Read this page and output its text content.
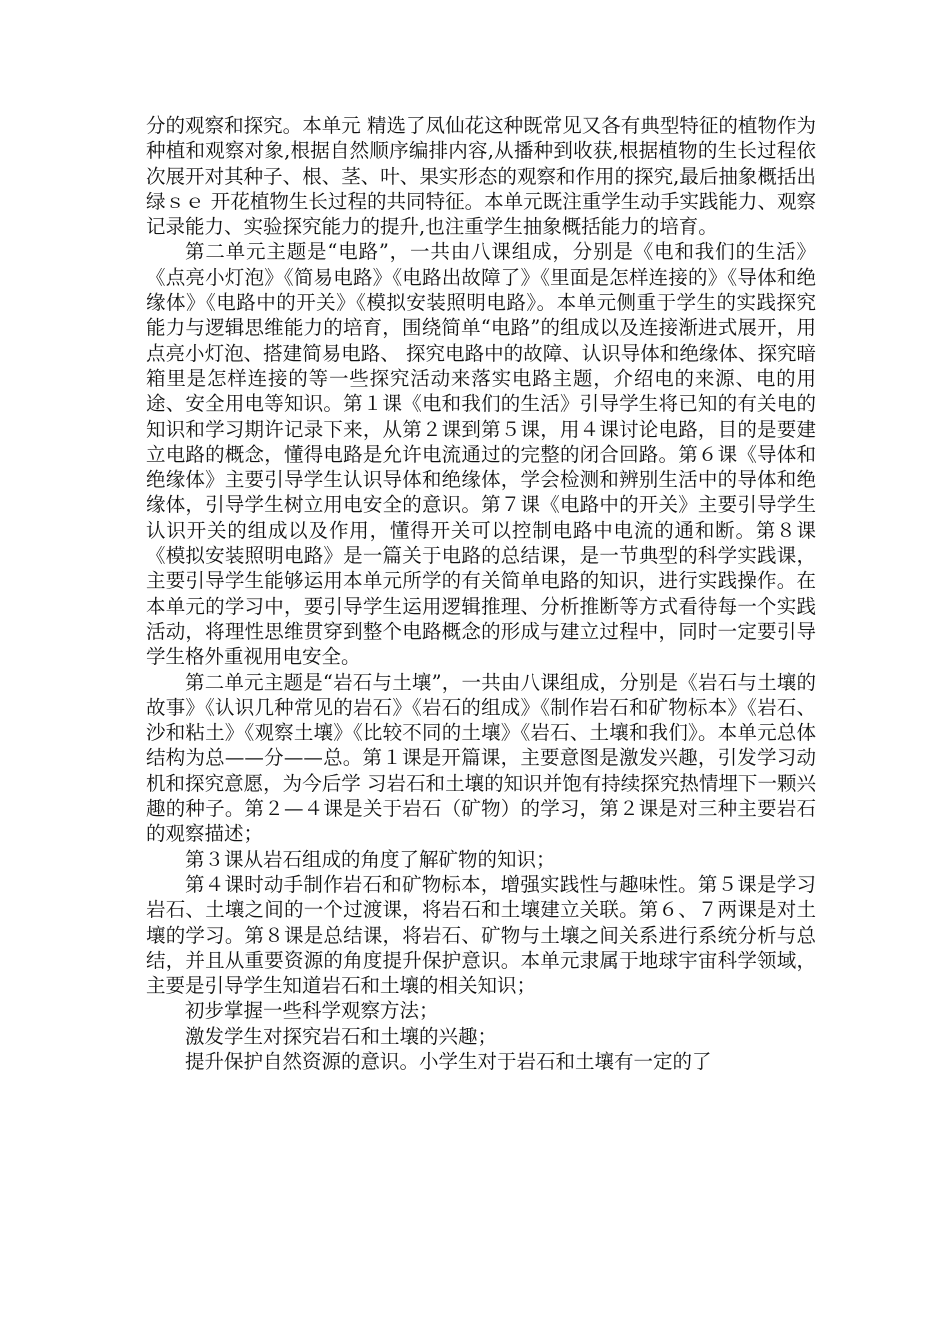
分的观察和探究。本单元 精选了凤仙花这种既常见又各有典型特征的植物作为种植和观察对象,根据自然顺序编排内容,从播种到收获,根据植物的生长过程依次展开对其种子、根、茎、叶、果实形态的观察和作用的探究,最后抽象概括出绿ｓｅ 开花植物生长过程的共同特征。本单元既注重学生动手实践能力、观察记录能力、实验探究能力的提升,也注重学生抽象概括能力的培育。

第二单元主题是“电路”，一共由八课组成，分别是《电和我们的生活》《点亮小灯泡》《简易电路》《电路出故障了》《里面是怎样连接的》《导体和绝缘体》《电路中的开关》《模拟安装照明电路》。本单元侧重于学生的实践探究能力与逻辑思维能力的培育，围绕简单“电路”的组成以及连接渐进式展开，用点亮小灯泡、搭建简易电路、 探究电路中的故障、认识导体和绝缘体、探究暗箱里是怎样连接的等一些探究活动来落实电路主题，介绍电的来源、电的用途、安全用电等知识。第１课《电和我们的生活》引导学生将已知的有关电的知识和学习期许记录下来，从第２课到第５课，用４课讨论电路，目的是要建立电路的概念，懂得电路是允许电流通过的完整的闭合回路。第６课《导体和绝缘体》主要引导学生认识导体和绝缘体，学会检测和辨别生活中的导体和绝缘体，引导学生树立用电安全的意识。第７课《电路中的开关》主要引导学生认识开关的组成以及作用，懂得开关可以控制电路中电流的通和断。第８课《模拟安装照明电路》是一篇关于电路的总结课，是一节典型的科学实践课，主要引导学生能够运用本单元所学的有关简单电路的知识，进行实践操作。在本单元的学习中，要引导学生运用逻辑推理、分析推断等方式看待每一个实践活动，将理性思维贯穿到整个电路概念的形成与建立过程中，同时一定要引导学生格外重视用电安全。

第二单元主题是“岩石与土壤”，一共由八课组成，分别是《岩石与土壤的故事》《认识几种常见的岩石》《岩石的组成》《制作岩石和矿物标本》《岩石、沙和粘土》《观察土壤》《比较不同的土壤》《岩石、土壤和我们》。本单元总体结构为总——分——总。第１课是开篇课，主要意图是激发兴趣，引发学习动机和探究意愿，为今后学 习岩石和土壤的知识并饱有持续探究热情埋下一颗兴趣的种子。第２—４课是关于岩石（矿物）的学习，第２课是对三种主要岩石的观察描述；

第３课从岩石组成的角度了解矿物的知识；

第４课时动手制作岩石和矿物标本，增强实践性与趣味性。第５课是学习岩石、土壤之间的一个过渡课，将岩石和土壤建立关联。第６、７两课是对土壤的学习。第８课是总结课，将岩石、矿物与土壤之间关系进行系统分析与总结，并且从重要资源的角度提升保护意识。本单元隶属于地球宇宙科学领域，主要是引导学生知道岩石和土壤的相关知识；

初步掌握一些科学观察方法；

激发学生对探究岩石和土壤的兴趣；

提升保护自然资源的意识。小学生对于岩石和土壤有一定的了
